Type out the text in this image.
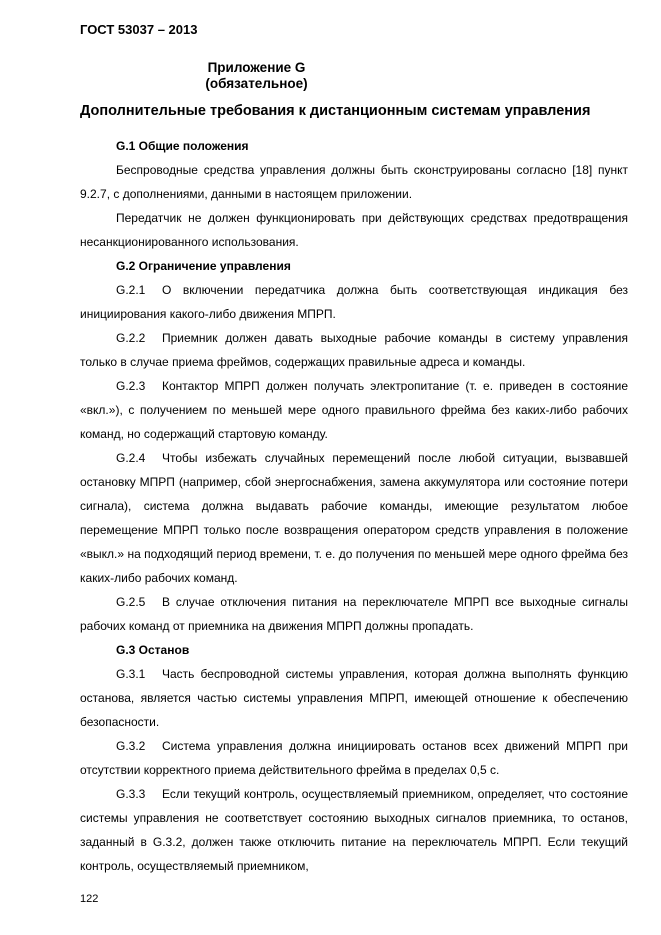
ГОСТ 53037 – 2013
Приложение G
(обязательное)
Дополнительные требования к дистанционным системам управления

G.1 Общие положения

Беспроводные средства управления должны быть сконструированы согласно [18] пункт 9.2.7, с дополнениями, данными в настоящем приложении.

Передатчик не должен функционировать при действующих средствах предотвращения несанкционированного использования.

G.2 Ограничение управления

G.2.1 О включении передатчика должна быть соответствующая индикация без инициирования какого-либо движения МПРП.

G.2.2 Приемник должен давать выходные рабочие команды в систему управления только в случае приема фреймов, содержащих правильные адреса и команды.

G.2.3 Контактор МПРП должен получать электропитание (т. е. приведен в состояние «вкл.»), с получением по меньшей мере одного правильного фрейма без каких-либо рабочих команд, но содержащий стартовую команду.

G.2.4 Чтобы избежать случайных перемещений после любой ситуации, вызвавшей остановку МПРП (например, сбой энергоснабжения, замена аккумулятора или состояние потери сигнала), система должна выдавать рабочие команды, имеющие результатом любое перемещение МПРП только после возвращения оператором средств управления в положение «выкл.» на подходящий период времени, т. е. до получения по меньшей мере одного фрейма без каких-либо рабочих команд.

G.2.5 В случае отключения питания на переключателе МПРП все выходные сигналы рабочих команд от приемника на движения МПРП должны пропадать.

G.3 Останов

G.3.1 Часть беспроводной системы управления, которая должна выполнять функцию останова, является частью системы управления МПРП, имеющей отношение к обеспечению безопасности.

G.3.2 Система управления должна инициировать останов всех движений МПРП при отсутствии корректного приема действительного фрейма в пределах 0,5 с.

G.3.3 Если текущий контроль, осуществляемый приемником, определяет, что состояние системы управления не соответствует состоянию выходных сигналов приемника, то останов, заданный в G.3.2, должен также отключить питание на переключатель МПРП. Если текущий контроль, осуществляемый приемником,

122
